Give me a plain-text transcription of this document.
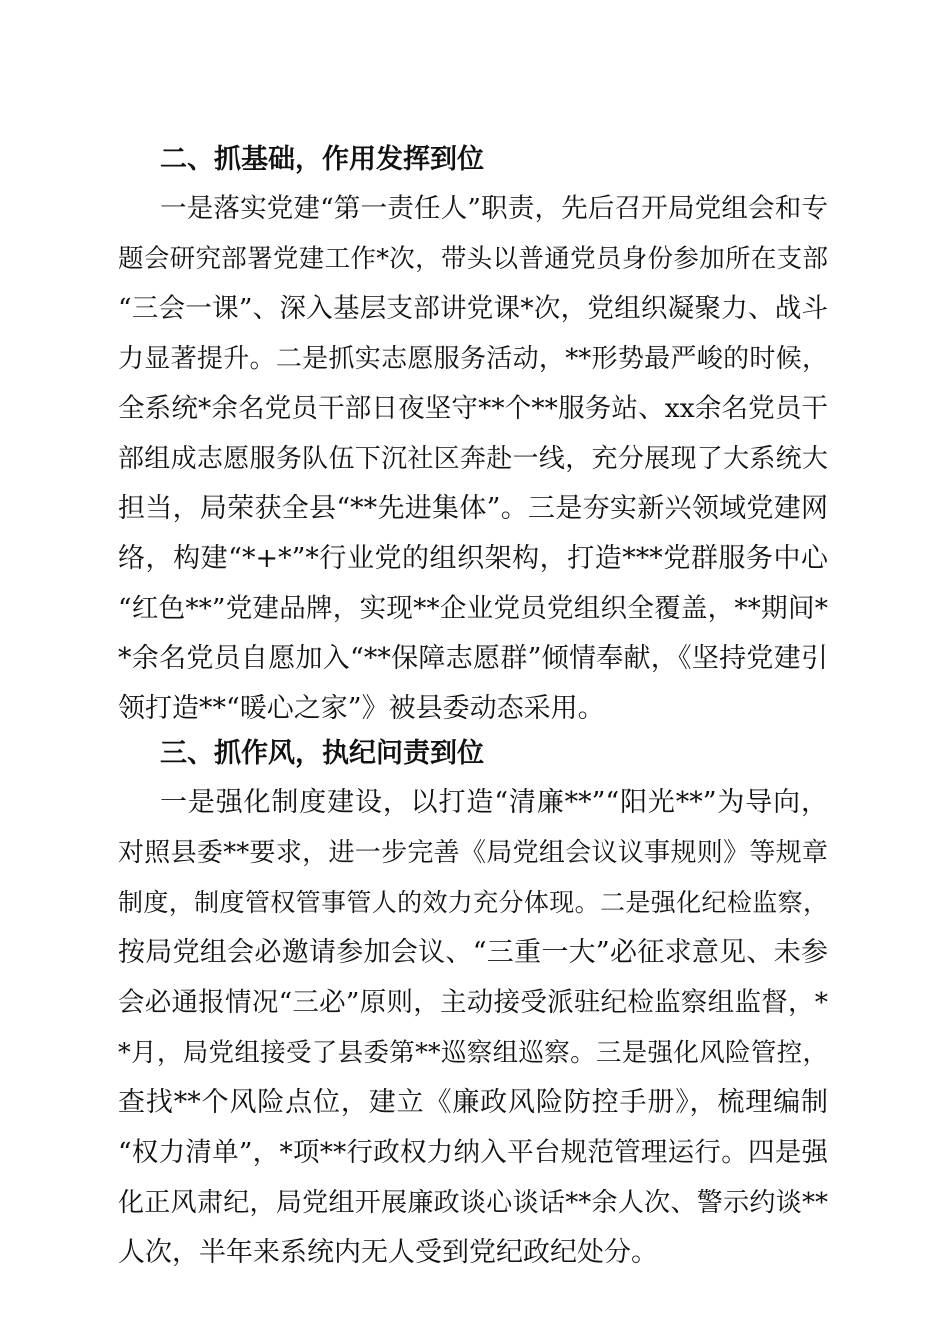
二、抓基础，作用发挥到位
一是落实党建“第一责任人”职责，先后召开局党组会和专
题会研究部署党建工作*次，带头以普通党员身份参加所在支部
“三会一课”、深入基层支部讲党课*次，党组织凝聚力、战斗
力显著提升。二是抓实志愿服务活动，**形势最严峻的时候，
全系统*余名党员干部日夜坚守**个**服务站、xx余名党员干
部组成志愿服务队伍下沉社区奔赴一线，充分展现了大系统大
担当，局荣获全县“**先进集体”。三是夯实新兴领域党建网
络，构建“*+*”*行业党的组织架构，打造***党群服务中心
“红色**”党建品牌，实现**企业党员党组织全覆盖，**期间*
*余名党员自愿加入“**保障志愿群”倾情奉献，《坚持党建引
领打造**“暖心之家”》被县委动态采用。
三、抓作风，执纪问责到位
一是强化制度建设，以打造“清廉**”“阳光**”为导向，
对照县委**要求，进一步完善《局党组会议议事规则》等规章
制度，制度管权管事管人的效力充分体现。二是强化纪检监察，
按局党组会必邀请参加会议、“三重一大”必征求意见、未参
会必通报情况“三必”原则，主动接受派驻纪检监察组监督，*
*月，局党组接受了县委第**巡察组巡察。三是强化风险管控，
查找**个风险点位，建立《廉政风险防控手册》，梳理编制
“权力清单”，*项**行政权力纳入平台规范管理运行。四是强
化正风肃纪，局党组开展廉政谈心谈话**余人次、警示约谈**
人次，半年来系统内无人受到党纪政纪处分。
